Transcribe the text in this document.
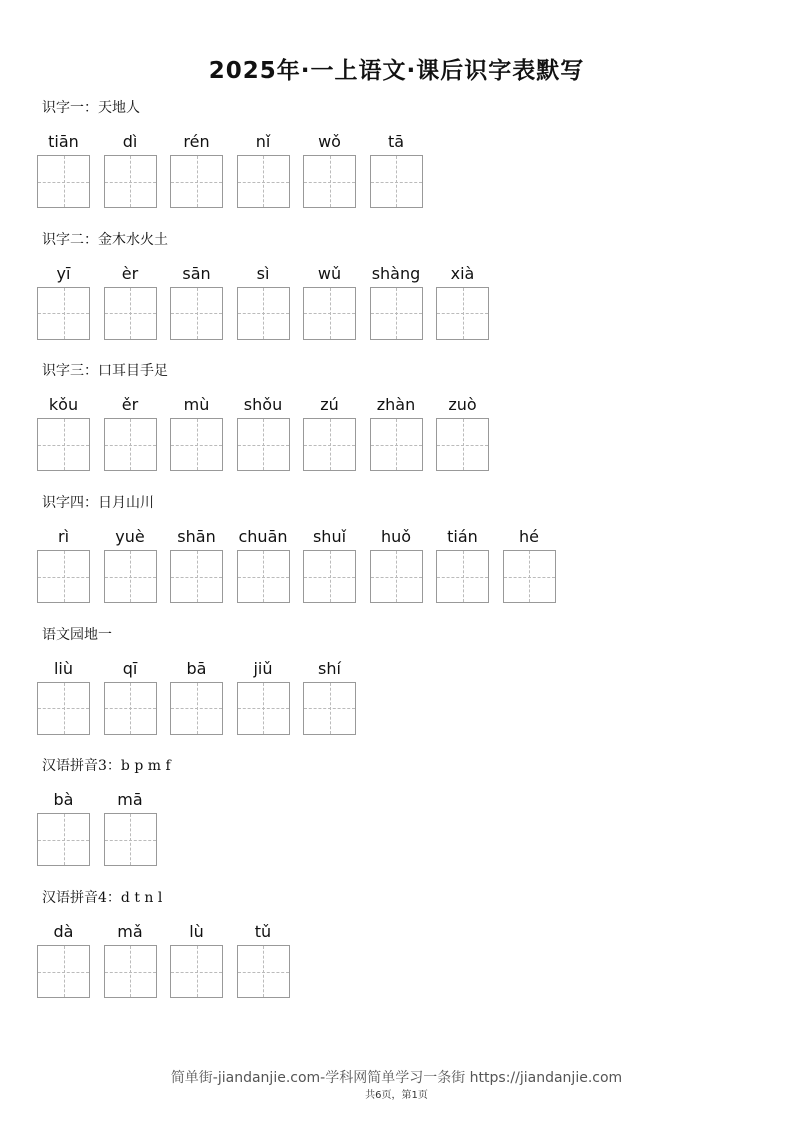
2025年·一上语文·课后识字表默写
识字一：天地人
tiān	dì	rén	nǐ	wǒ	tā
识字二：金木水火土
yī	èr	sān	sì	wǔ	shàng	xià
识字三：口耳目手足
kǒu	ěr	mù	shǒu	zú	zhàn	zuò
识字四：日月山川
rì	yuè	shān	chuān	shuǐ	huǒ	tián	hé
语文园地一
liù	qī	bā	jiǔ	shí
汉语拼音3：b p m f
bà	mā
汉语拼音4：d t n l
dà	mǎ	lù	tǔ
简单街-jiandanjie.com-学科网简单学习一条街 https://jiandanjie.com
共6页，第1页
